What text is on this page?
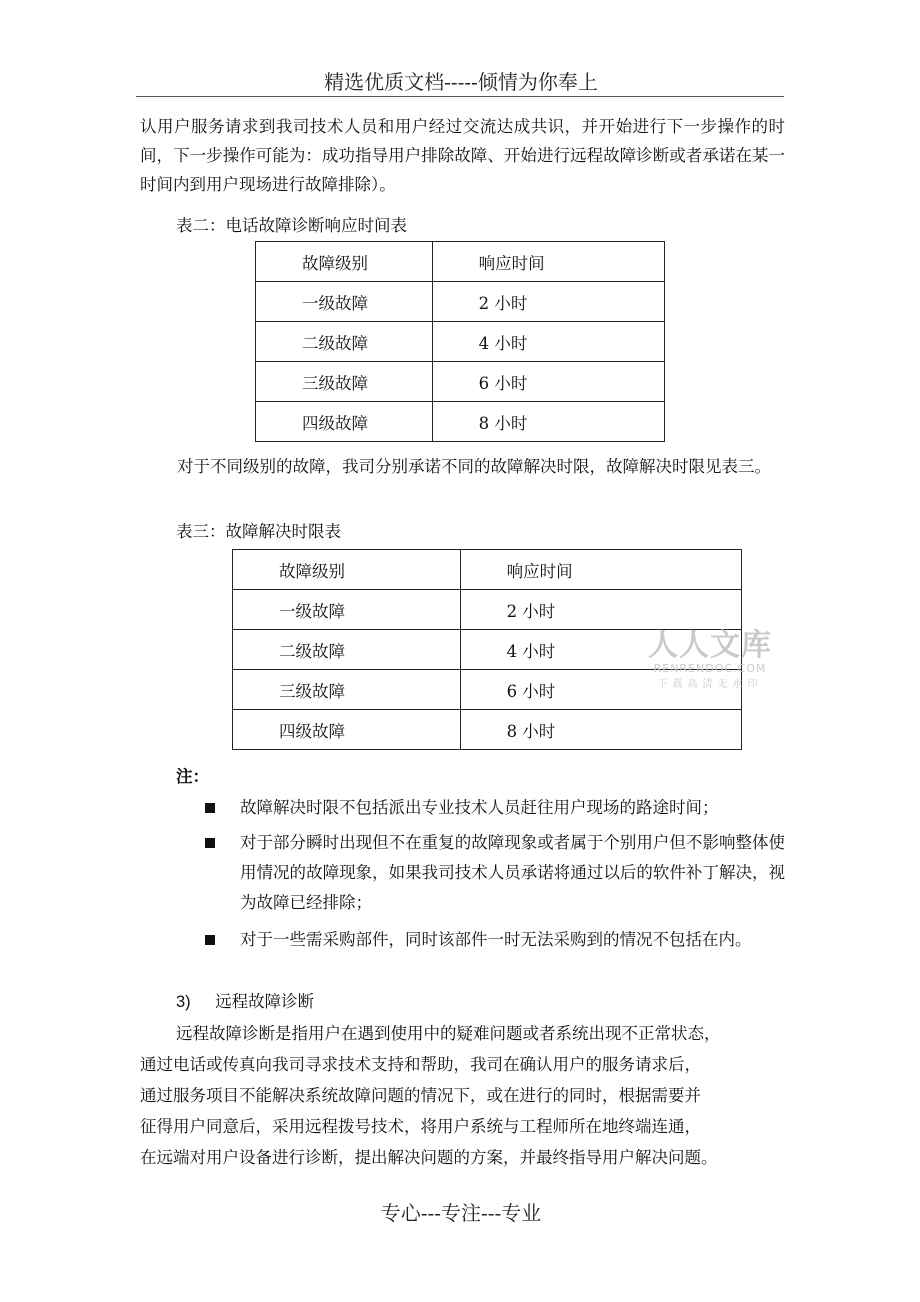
精选优质文档-----倾情为你奉上

认用户服务请求到我司技术人员和用户经过交流达成共识，并开始进行下一步操作的时间，下一步操作可能为：成功指导用户排除故障、开始进行远程故障诊断或者承诺在某一时间内到用户现场进行故障排除）。

表二：电话故障诊断响应时间表

故障级别	响应时间
一级故障	2 小时
二级故障	4 小时
三级故障	6 小时
四级故障	8 小时

对于不同级别的故障，我司分别承诺不同的故障解决时限，故障解决时限见表三。

表三：故障解决时限表

故障级别	响应时间
一级故障	2 小时
二级故障	4 小时
三级故障	6 小时
四级故障	8 小时
人人文库
RENRENDOC.COM
下载高清无水印
注：
故障解决时限不包括派出专业技术人员赶往用户现场的路途时间；
对于部分瞬时出现但不在重复的故障现象或者属于个别用户但不影响整体使用情况的故障现象，如果我司技术人员承诺将通过以后的软件补丁解决，视为故障已经排除；
对于一些需采购部件，同时该部件一时无法采购到的情况不包括在内。
3) 远程故障诊断
远程故障诊断是指用户在遇到使用中的疑难问题或者系统出现不正常状态，
通过电话或传真向我司寻求技术支持和帮助，我司在确认用户的服务请求后，
通过服务项目不能解决系统故障问题的情况下，或在进行的同时，根据需要并
征得用户同意后，采用远程拨号技术，将用户系统与工程师所在地终端连通，
在远端对用户设备进行诊断，提出解决问题的方案，并最终指导用户解决问题。
专心---专注---专业
